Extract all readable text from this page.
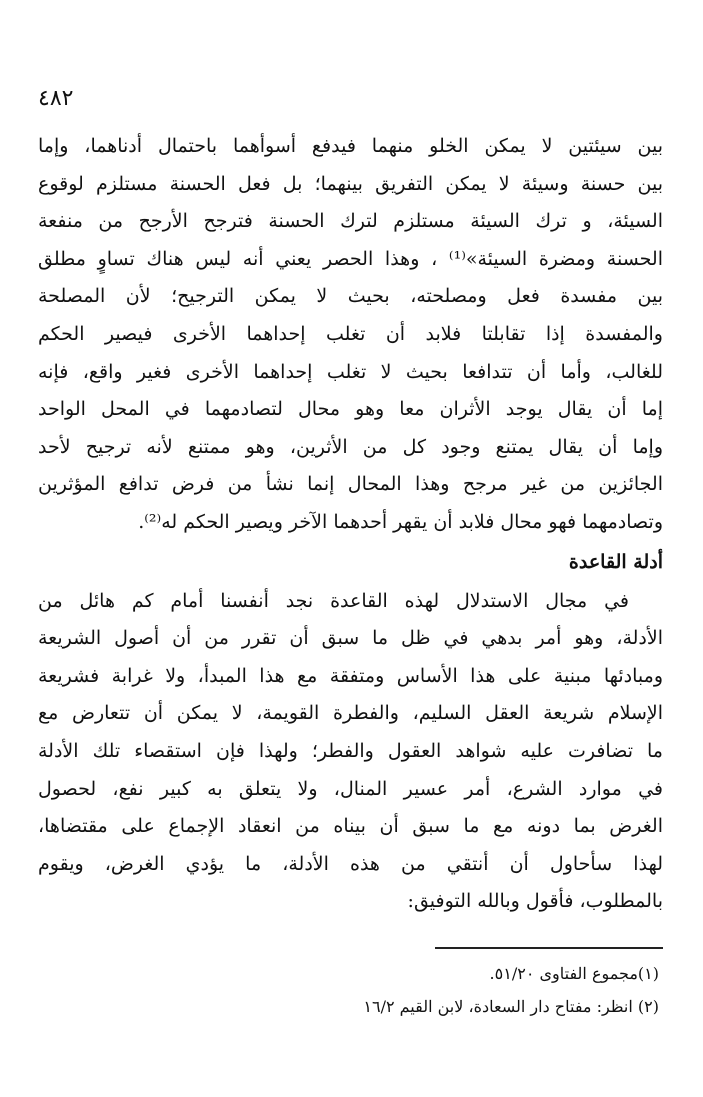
٤٨٢
بين سيئتين لا يمكن الخلو منهما فيدفع أسوأهما باحتمال أدناهما، وإما
بين حسنة وسيئة لا يمكن التفريق بينهما؛ بل فعل الحسنة مستلزم لوقوع
السيئة، و ترك السيئة مستلزم لترك الحسنة فترجح الأرجح من منفعة
الحسنة ومضرة السيئة»⁽¹⁾ ، وهذا الحصر يعني أنه ليس هناك تساوٍ مطلق
بين مفسدة فعل ومصلحته، بحيث لا يمكن الترجيح؛ لأن المصلحة
والمفسدة إذا تقابلتا فلابد أن تغلب إحداهما الأخرى فيصير الحكم
للغالب، وأما أن تتدافعا بحيث لا تغلب إحداهما الأخرى فغير واقع، فإنه
إما أن يقال يوجد الأثران معا وهو محال لتصادمهما في المحل الواحد
وإما أن يقال يمتنع وجود كل من الأثرين، وهو ممتنع لأنه ترجيح لأحد
الجائزين من غير مرجح وهذا المحال إنما نشأ من فرض تدافع المؤثرين
وتصادمهما فهو محال فلابد أن يقهر أحدهما الآخر ويصير الحكم له⁽²⁾.
أدلة القاعدة
في مجال الاستدلال لهذه القاعدة نجد أنفسنا أمام كم هائل من
الأدلة، وهو أمر بدهي في ظل ما سبق أن تقرر من أن أصول الشريعة
ومبادئها مبنية على هذا الأساس ومتفقة مع هذا المبدأ، ولا غرابة فشريعة
الإسلام شريعة العقل السليم، والفطرة القويمة، لا يمكن أن تتعارض مع
ما تضافرت عليه شواهد العقول والفطر؛ ولهذا فإن استقصاء تلك الأدلة
في موارد الشرع، أمر عسير المنال، ولا يتعلق به كبير نفع، لحصول
الغرض بما دونه مع ما سبق أن بيناه من انعقاد الإجماع على مقتضاها،
لهذا سأحاول أن أنتقي من هذه الأدلة، ما يؤدي الغرض، ويقوم
بالمطلوب، فأقول وبالله التوفيق:
(١)مجموع الفتاوى ٥١/٢٠.
(٢) انظر: مفتاح دار السعادة، لابن القيم ١٦/٢
